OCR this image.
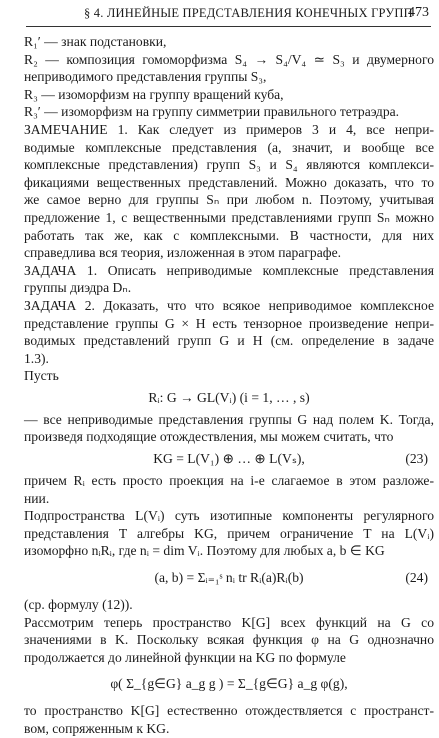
§ 4. ЛИНЕЙНЫЕ ПРЕДСТАВЛЕНИЯ КОНЕЧНЫХ ГРУПП
473
R₁′ — знак подстановки,
R₂ — композиция гомоморфизма S₄ → S₄/V₄ ≃ S₃ и двумерного
неприводимого представления группы S₃,
R₃ — изоморфизм на группу вращений куба,
R₃′ — изоморфизм на группу симметрии правильного тетраэдра.
ЗАМЕЧАНИЕ 1. Как следует из примеров 3 и 4, все непри-
водимые комплексные представления (а, значит, и вообще все
комплексные представления) групп S₃ и S₄ являются комплекси-
фикациями вещественных представлений. Можно доказать, что то
же самое верно для группы Sₙ при любом n. Поэтому, учитывая
предложение 1, с вещественными представлениями групп Sₙ можно
работать так же, как с комплексными. В частности, для них
справедлива вся теория, изложенная в этом параграфе.
ЗАДАЧА 1. Описать неприводимые комплексные представления
группы диэдра Dₙ.
ЗАДАЧА 2. Доказать, что что всякое неприводимое комплексное
представление группы G × H есть тензорное произведение непри-
водимых представлений групп G и H (см. определение в задаче
1.3).
Пусть
Rᵢ: G → GL(Vᵢ) (i = 1, … , s)
— все неприводимые представления группы G над полем K. Тогда,
произведя подходящие отождествления, мы можем считать, что
KG = L(V₁) ⊕ … ⊕ L(Vₛ),	(23)
причем Rᵢ есть просто проекция на i-е слагаемое в этом разложе-
нии.
Подпространства L(Vᵢ) суть изотипные компоненты регулярного
представления T алгебры KG, причем ограничение T на L(Vᵢ)
изоморфно nᵢRᵢ, где nᵢ = dim Vᵢ. Поэтому для любых a, b ∈ KG
(a, b) = Σᵢ₌₁ˢ nᵢ tr Rᵢ(a)Rᵢ(b)	(24)
(ср. формулу (12)).
Рассмотрим теперь пространство K[G] всех функций на G со
значениями в K. Поскольку всякая функция φ на G однозначно
продолжается до линейной функции на KG по формуле
φ( Σ_{g∈G} a_g g ) = Σ_{g∈G} a_g φ(g),
то пространство K[G] естественно отождествляется с пространст-
вом, сопряженным к KG.
